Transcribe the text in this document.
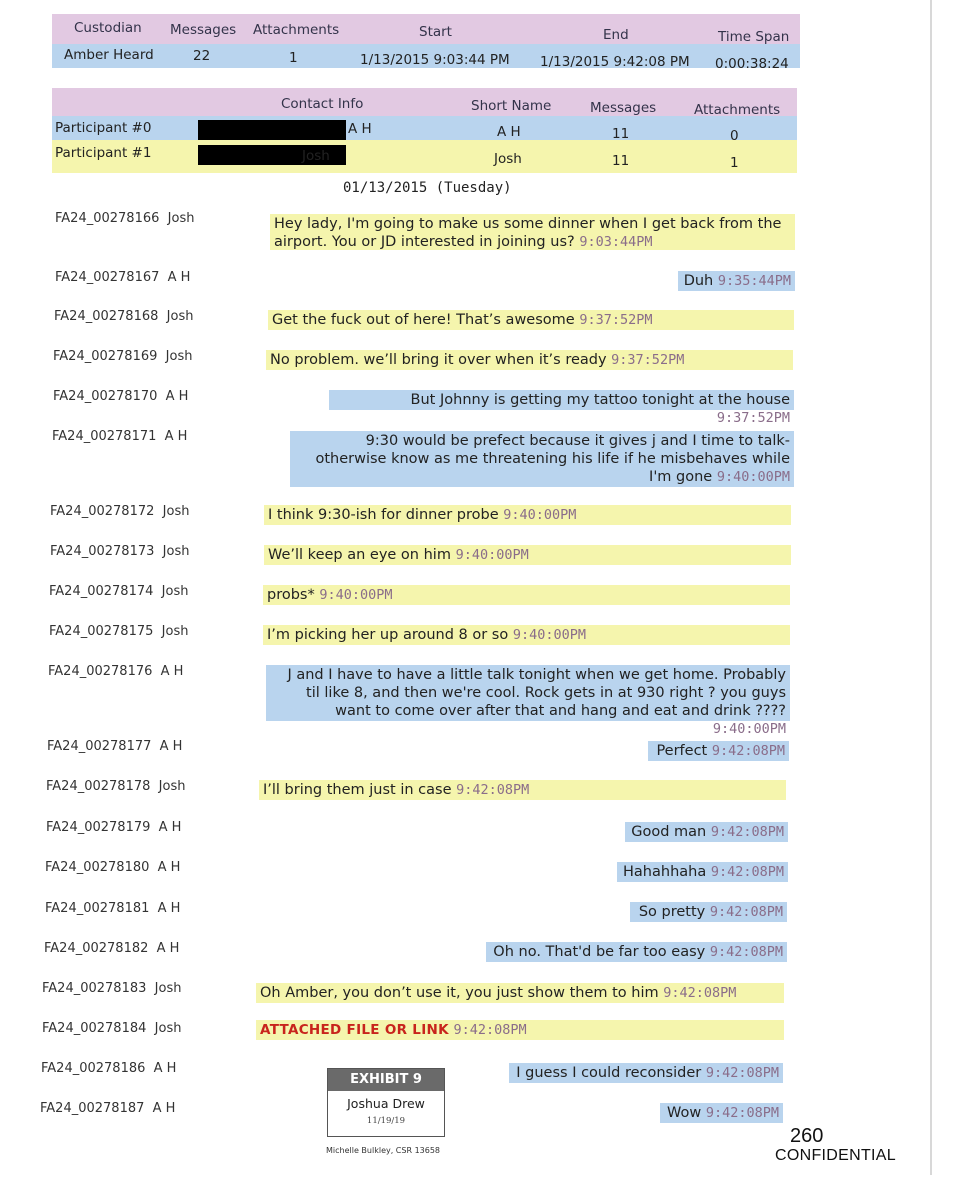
Custodian Messages Attachments	Start	End	Time Span
Amber Heard	22	1	1/13/2015 9:03:44 PM 1/13/2015 9:42:08 PM 0:00:38:24
Contact Info	Short Name	Messages	Attachments
Participant #0	A H	A H	11	0
Participant #1	Josh	Josh	11	1
01/13/2015 (Tuesday)
FA24_00278166 Josh	Hey lady, I'm going to make us some dinner when I get back from the airport. You or JD interested in joining us? 9:03:44PM
FA24_00278167 A H	Duh 9:35:44PM
FA24_00278168 Josh	Get the fuck out of here! That’s awesome 9:37:52PM
FA24_00278169 Josh	No problem. we’ll bring it over when it’s ready 9:37:52PM
FA24_00278170 A H	But Johnny is getting my tattoo tonight at the house 9:37:52PM
FA24_00278171 A H	9:30 would be prefect because it gives j and I time to talk- otherwise know as me threatening his life if he misbehaves while I'm gone 9:40:00PM
FA24_00278172 Josh	I think 9:30-ish for dinner probe 9:40:00PM
FA24_00278173 Josh	We’ll keep an eye on him 9:40:00PM
FA24_00278174 Josh	probs* 9:40:00PM
FA24_00278175 Josh	I’m picking her up around 8 or so 9:40:00PM
FA24_00278176 A H	J and I have to have a little talk tonight when we get home. Probably til like 8, and then we're cool. Rock gets in at 930 right ? you guys want to come over after that and hang and eat and drink ???? 9:40:00PM
FA24_00278177 A H	Perfect 9:42:08PM
FA24_00278178 Josh	I’ll bring them just in case 9:42:08PM
FA24_00278179 A H	Good man 9:42:08PM
FA24_00278180 A H	Hahahhaha 9:42:08PM
FA24_00278181 A H	So pretty 9:42:08PM
FA24_00278182 A H	Oh no. That'd be far too easy 9:42:08PM
FA24_00278183 Josh	Oh Amber, you don’t use it, you just show them to him 9:42:08PM
FA24_00278184 Josh	ATTACHED FILE OR LINK 9:42:08PM
FA24_00278186 A H	I guess I could reconsider 9:42:08PM
FA24_00278187 A H	Wow 9:42:08PM
EXHIBIT 9
Joshua Drew
11/19/19
Michelle Bulkley, CSR 13658
260
CONFIDENTIAL
